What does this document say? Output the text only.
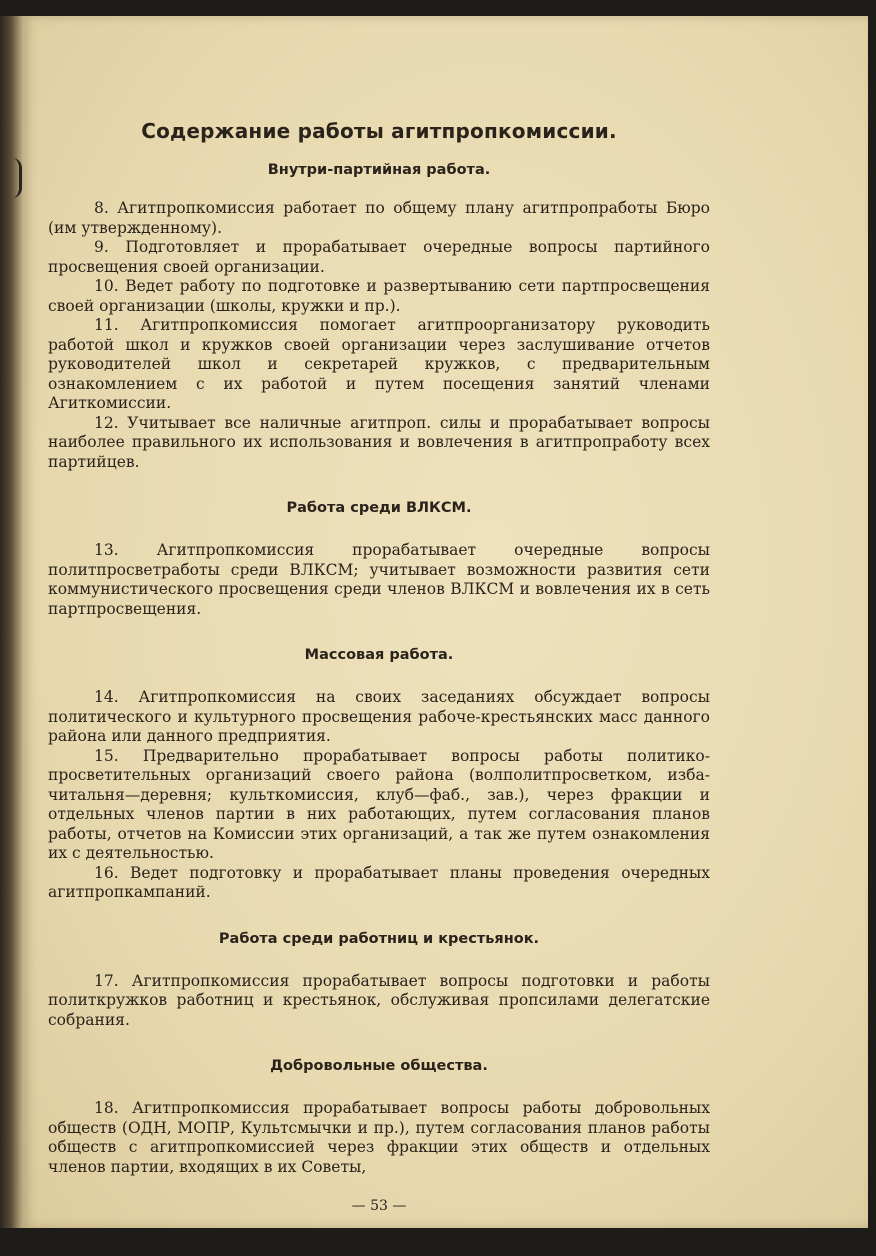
Содержание работы агитпропкомиссии.
Внутри-партийная работа.

8. Агитпропкомиссия работает по общему плану агитпропработы Бюро (им утвержденному).

9. Подготовляет и прорабатывает очередные вопросы партийного просвещения своей организации.

10. Ведет работу по подготовке и развертыванию сети партпросвещения своей организации (школы, кружки и пр.).

11. Агитпропкомиссия помогает агитпроорганизатору руководить работой школ и кружков своей организации через заслушивание отчетов руководителей школ и секретарей кружков, с предварительным ознакомлением с их работой и путем посещения занятий членами Агиткомиссии.

12. Учитывает все наличные агитпроп. силы и прорабатывает вопросы наиболее правильного их использования и вовлечения в агитпропработу всех партийцев.

Работа среди ВЛКСМ.

13. Агитпропкомиссия прорабатывает очередные вопросы политпросветработы среди ВЛКСМ; учитывает возможности развития сети коммунистического просвещения среди членов ВЛКСМ и вовлечения их в сеть партпросвещения.

Массовая работа.

14. Агитпропкомиссия на своих заседаниях обсуждает вопросы политического и культурного просвещения рабоче-крестьянских масс данного района или данного предприятия.

15. Предварительно прорабатывает вопросы работы политико-просветительных организаций своего района (волполитпросветком, изба-читальня—деревня; культкомиссия, клуб—фаб., зав.), через фракции и отдельных членов партии в них работающих, путем согласования планов работы, отчетов на Комиссии этих организаций, а так же путем ознакомления их с деятельностью.

16. Ведет подготовку и прорабатывает планы проведения очередных агитпропкампаний.

Работа среди работниц и крестьянок.

17. Агитпропкомиссия прорабатывает вопросы подготовки и работы политкружков работниц и крестьянок, обслуживая пропсилами делегатские собрания.

Добровольные общества.

18. Агитпропкомиссия прорабатывает вопросы работы добровольных обществ (ОДН, МОПР, Культсмычки и пр.), путем согласования планов работы обществ с агитпропкомиссией через фракции этих обществ и отдельных членов партии, входящих в их Советы,

— 53 —
